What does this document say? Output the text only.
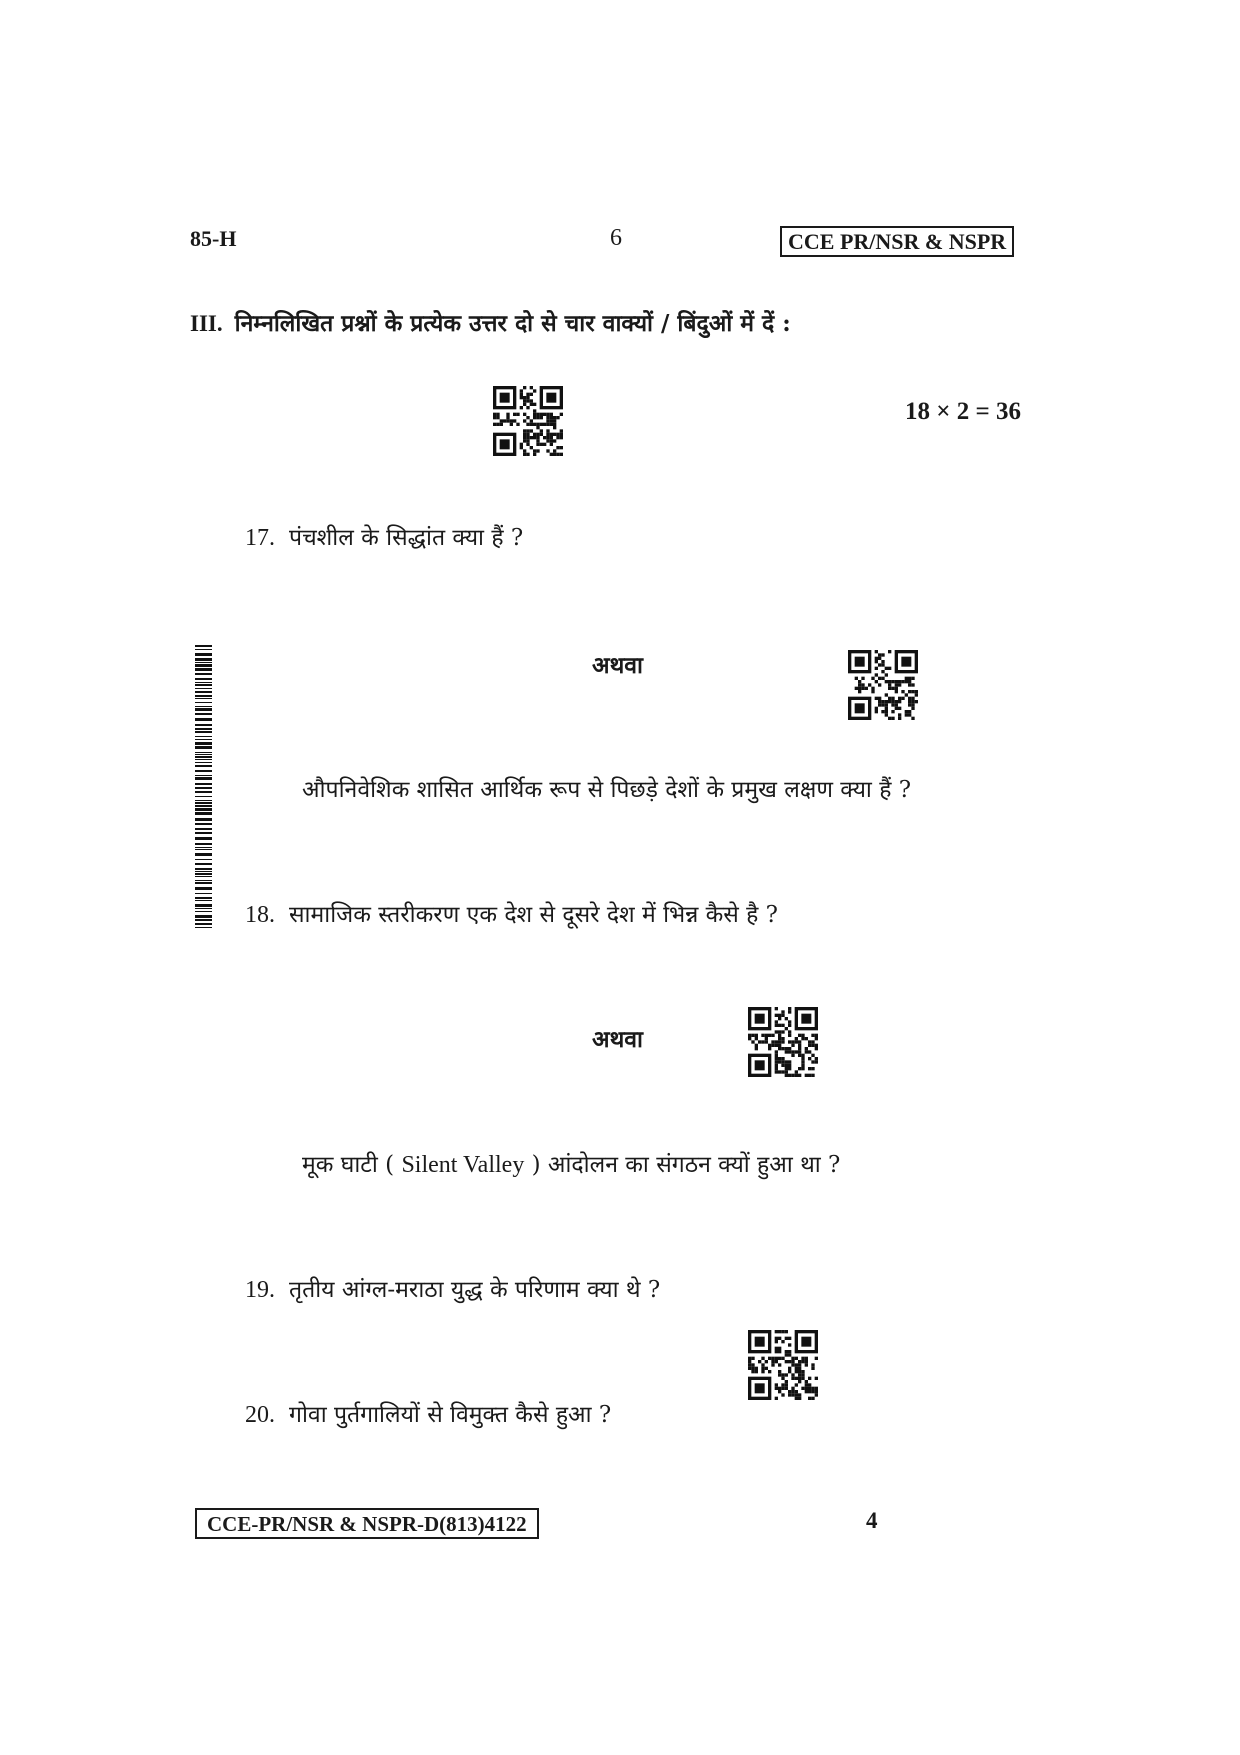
85-H	6	CCE PR/NSR & NSPR
III. निम्नलिखित प्रश्नों के प्रत्येक उत्तर दो से चार वाक्यों / बिंदुओं में दें :
18 × 2 = 36
17. पंचशील के सिद्धांत क्या हैं ?
अथवा
औपनिवेशिक शासित आर्थिक रूप से पिछड़े देशों के प्रमुख लक्षण क्या हैं ?
18. सामाजिक स्तरीकरण एक देश से दूसरे देश में भिन्न कैसे है ?
अथवा
मूक घाटी ( Silent Valley ) आंदोलन का संगठन क्यों हुआ था ?
19. तृतीय आंग्ल-मराठा युद्ध के परिणाम क्या थे ?
20. गोवा पुर्तगालियों से विमुक्त कैसे हुआ ?
CCE-PR/NSR & NSPR-D(813)4122	4
